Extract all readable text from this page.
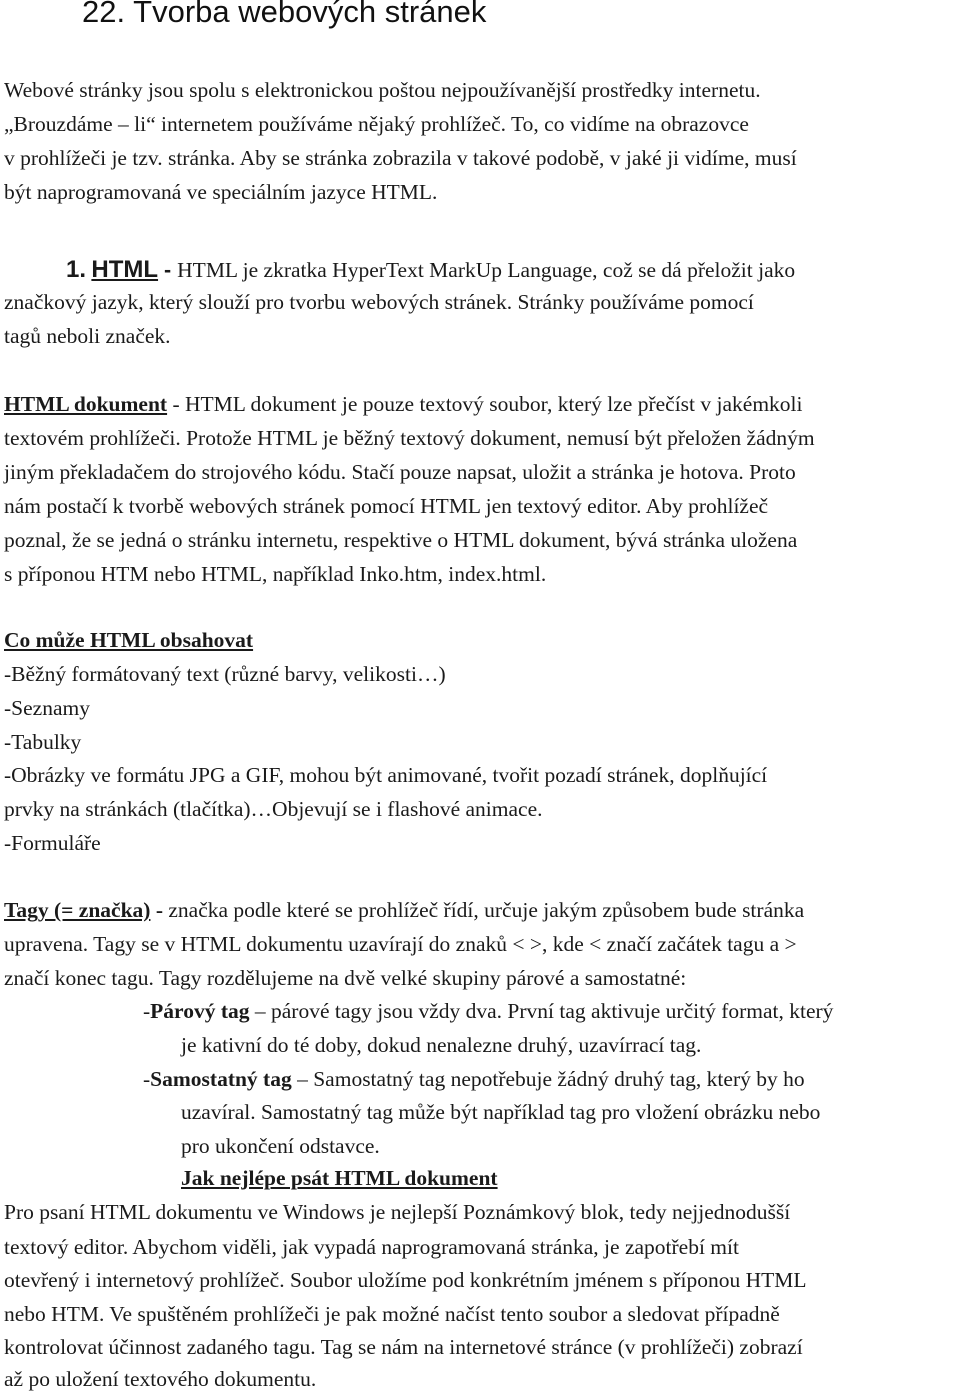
22. Tvorba webových stránek
Webové stránky jsou spolu s elektronickou poštou nejpoužívanější prostředky internetu.
„Brouzdáme – li“ internetem používáme nějaký prohlížeč. To, co vidíme na obrazovce
v prohlížeči je tzv. stránka. Aby se stránka zobrazila v takové podobě, v jaké ji vidíme, musí
být naprogramovaná ve speciálním jazyce HTML.
1. HTML - HTML je zkratka HyperText MarkUp Language, což se dá přeložit jako
značkový jazyk, který slouží pro tvorbu webových stránek. Stránky používáme pomocí
tagů neboli značek.
HTML dokument - HTML dokument je pouze textový soubor, který lze přečíst v jakémkoli
textovém prohlížeči. Protože HTML je běžný textový dokument, nemusí být přeložen žádným
jiným překladačem do strojového kódu. Stačí pouze napsat, uložit a stránka je hotova. Proto
nám postačí k tvorbě webových stránek pomocí HTML jen textový editor. Aby prohlížeč
poznal, že se jedná o stránku internetu, respektive o HTML dokument, bývá stránka uložena
s příponou HTM nebo HTML, například Inko.htm, index.html.
Co může HTML obsahovat
-Běžný formátovaný text (různé barvy, velikosti…)
-Seznamy
-Tabulky
-Obrázky ve formátu JPG a GIF, mohou být animované, tvořit pozadí stránek, doplňující
prvky na stránkách (tlačítka)…Objevují se i flashové animace.
-Formuláře
Tagy (= značka) - značka podle které se prohlížeč řídí, určuje jakým způsobem bude stránka
upravena. Tagy se v HTML dokumentu uzavírají do znaků < >, kde < značí začátek tagu a >
značí konec tagu. Tagy rozdělujeme na dvě velké skupiny párové a samostatné:
-Párový tag – párové tagy jsou vždy dva. První tag aktivuje určitý format, který
je kativní do té doby, dokud nenalezne druhý, uzavírrací tag.
-Samostatný tag – Samostatný tag nepotřebuje žádný druhý tag, který by ho
uzavíral. Samostatný tag může být například tag pro vložení obrázku nebo
pro ukončení odstavce.
Jak nejlépe psát HTML dokument
Pro psaní HTML dokumentu ve Windows je nejlepší Poznámkový blok, tedy nejjednodušší
textový editor. Abychom viděli, jak vypadá naprogramovaná stránka, je zapotřebí mít
otevřený i internetový prohlížeč. Soubor uložíme pod konkrétním jménem s příponou HTML
nebo HTM. Ve spuštěném prohlížeči je pak možné načíst tento soubor a sledovat případně
kontrolovat účinnost zadaného tagu. Tag se nám na internetové stránce (v prohlížeči) zobrazí
až po uložení textového dokumentu.
